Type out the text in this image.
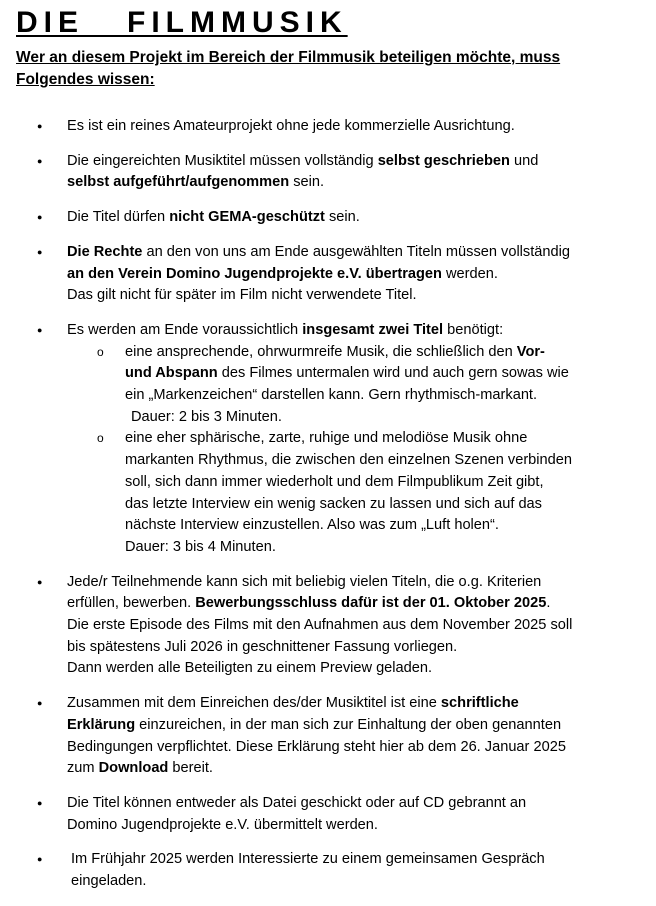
DIE   FILMMUSIK

Wer an diesem Projekt im Bereich der Filmmusik beteiligen möchte, muss
Folgendes wissen:

● Es ist ein reines Amateurprojekt ohne jede kommerzielle Ausrichtung.
● Die eingereichten Musiktitel müssen vollständig selbst geschrieben und
selbst aufgeführt/aufgenommen sein.
● Die Titel dürfen nicht GEMA-geschützt sein.
● Die Rechte an den von uns am Ende ausgewählten Titeln müssen vollständig
an den Verein Domino Jugendprojekte e.V. übertragen werden.
Das gilt nicht für später im Film nicht verwendete Titel.
● Es werden am Ende voraussichtlich insgesamt zwei Titel benötigt:
o eine ansprechende, ohrwurmreife Musik, die schließlich den Vor-
und Abspann des Filmes untermalen wird und auch gern sowas wie
ein „Markenzeichen“ darstellen kann. Gern rhythmisch-markant.
Dauer: 2 bis 3 Minuten.
o eine eher sphärische, zarte, ruhige und melodiöse Musik ohne
markanten Rhythmus, die zwischen den einzelnen Szenen verbinden
soll, sich dann immer wiederholt und dem Filmpublikum Zeit gibt,
das letzte Interview ein wenig sacken zu lassen und sich auf das
nächste Interview einzustellen. Also was zum „Luft holen“.
Dauer: 3 bis 4 Minuten.
● Jede/r Teilnehmende kann sich mit beliebig vielen Titeln, die o.g. Kriterien
erfüllen, bewerben. Bewerbungsschluss dafür ist der 01. Oktober 2025.
Die erste Episode des Films mit den Aufnahmen aus dem November 2025 soll
bis spätestens Juli 2026 in geschnittener Fassung vorliegen.
Dann werden alle Beteiligten zu einem Preview geladen.
● Zusammen mit dem Einreichen des/der Musiktitel ist eine schriftliche
Erklärung einzureichen, in der man sich zur Einhaltung der oben genannten
Bedingungen verpflichtet. Diese Erklärung steht hier ab dem 26. Januar 2025
zum Download bereit.
● Die Titel können entweder als Datei geschickt oder auf CD gebrannt an
Domino Jugendprojekte e.V. übermittelt werden.
● Im Frühjahr 2025 werden Interessierte zu einem gemeinsamen Gespräch
eingeladen.
